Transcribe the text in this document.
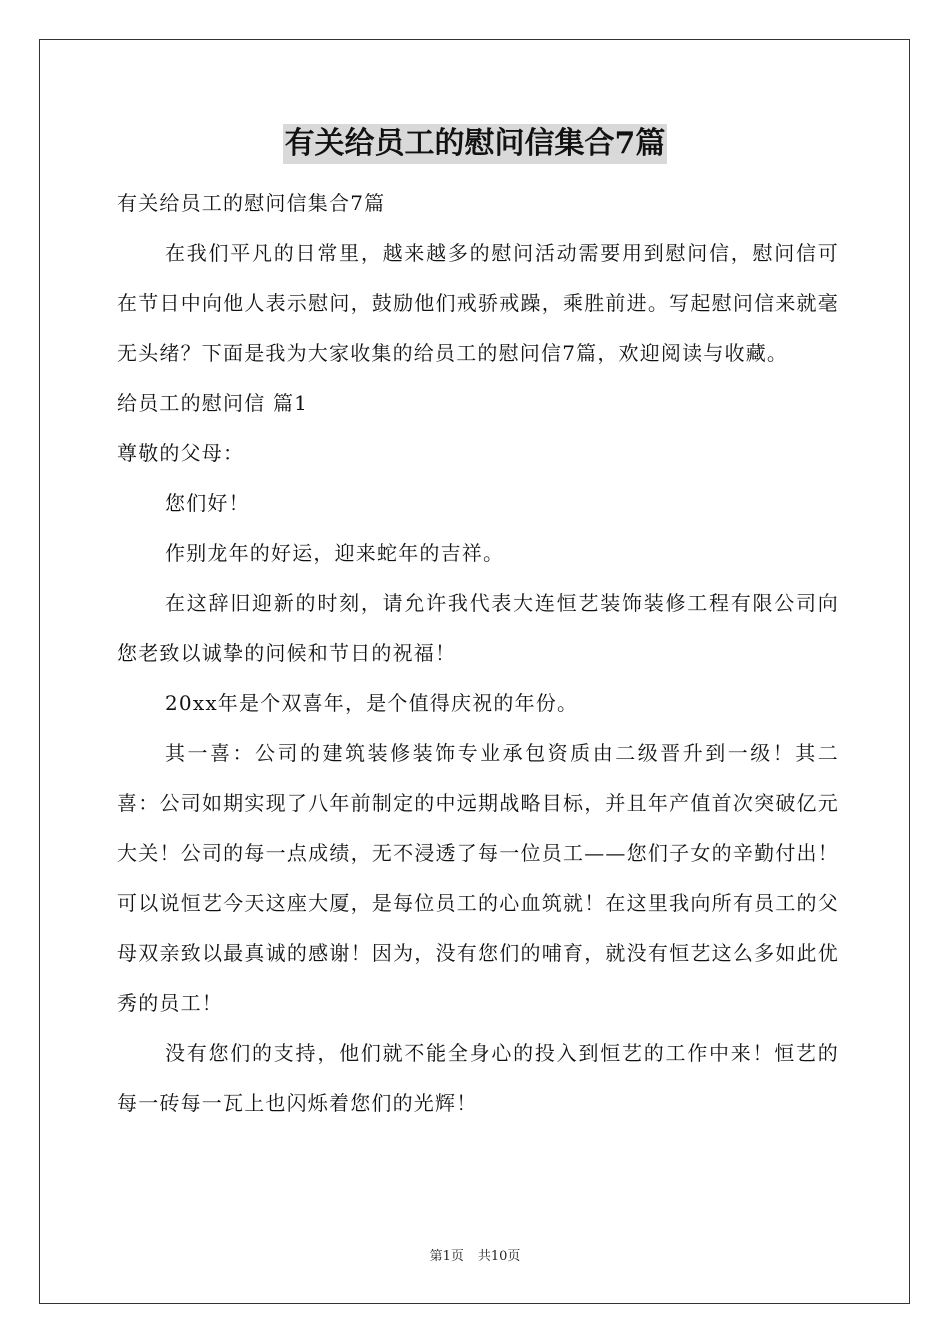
有关给员工的慰问信集合7篇

有关给员工的慰问信集合7篇

在我们平凡的日常里，越来越多的慰问活动需要用到慰问信，慰问信可在节日中向他人表示慰问，鼓励他们戒骄戒躁，乘胜前进。写起慰问信来就毫无头绪？下面是我为大家收集的给员工的慰问信7篇，欢迎阅读与收藏。

给员工的慰问信 篇1

尊敬的父母：

您们好！

作别龙年的好运，迎来蛇年的吉祥。

在这辞旧迎新的时刻，请允许我代表大连恒艺装饰装修工程有限公司向您老致以诚挚的问候和节日的祝福！

20xx年是个双喜年，是个值得庆祝的年份。

其一喜：公司的建筑装修装饰专业承包资质由二级晋升到一级！其二喜：公司如期实现了八年前制定的中远期战略目标，并且年产值首次突破亿元大关！公司的每一点成绩，无不浸透了每一位员工——您们子女的辛勤付出！可以说恒艺今天这座大厦，是每位员工的心血筑就！在这里我向所有员工的父母双亲致以最真诚的感谢！因为，没有您们的哺育，就没有恒艺这么多如此优秀的员工！

没有您们的支持，他们就不能全身心的投入到恒艺的工作中来！恒艺的每一砖每一瓦上也闪烁着您们的光辉！

第1页 共10页
